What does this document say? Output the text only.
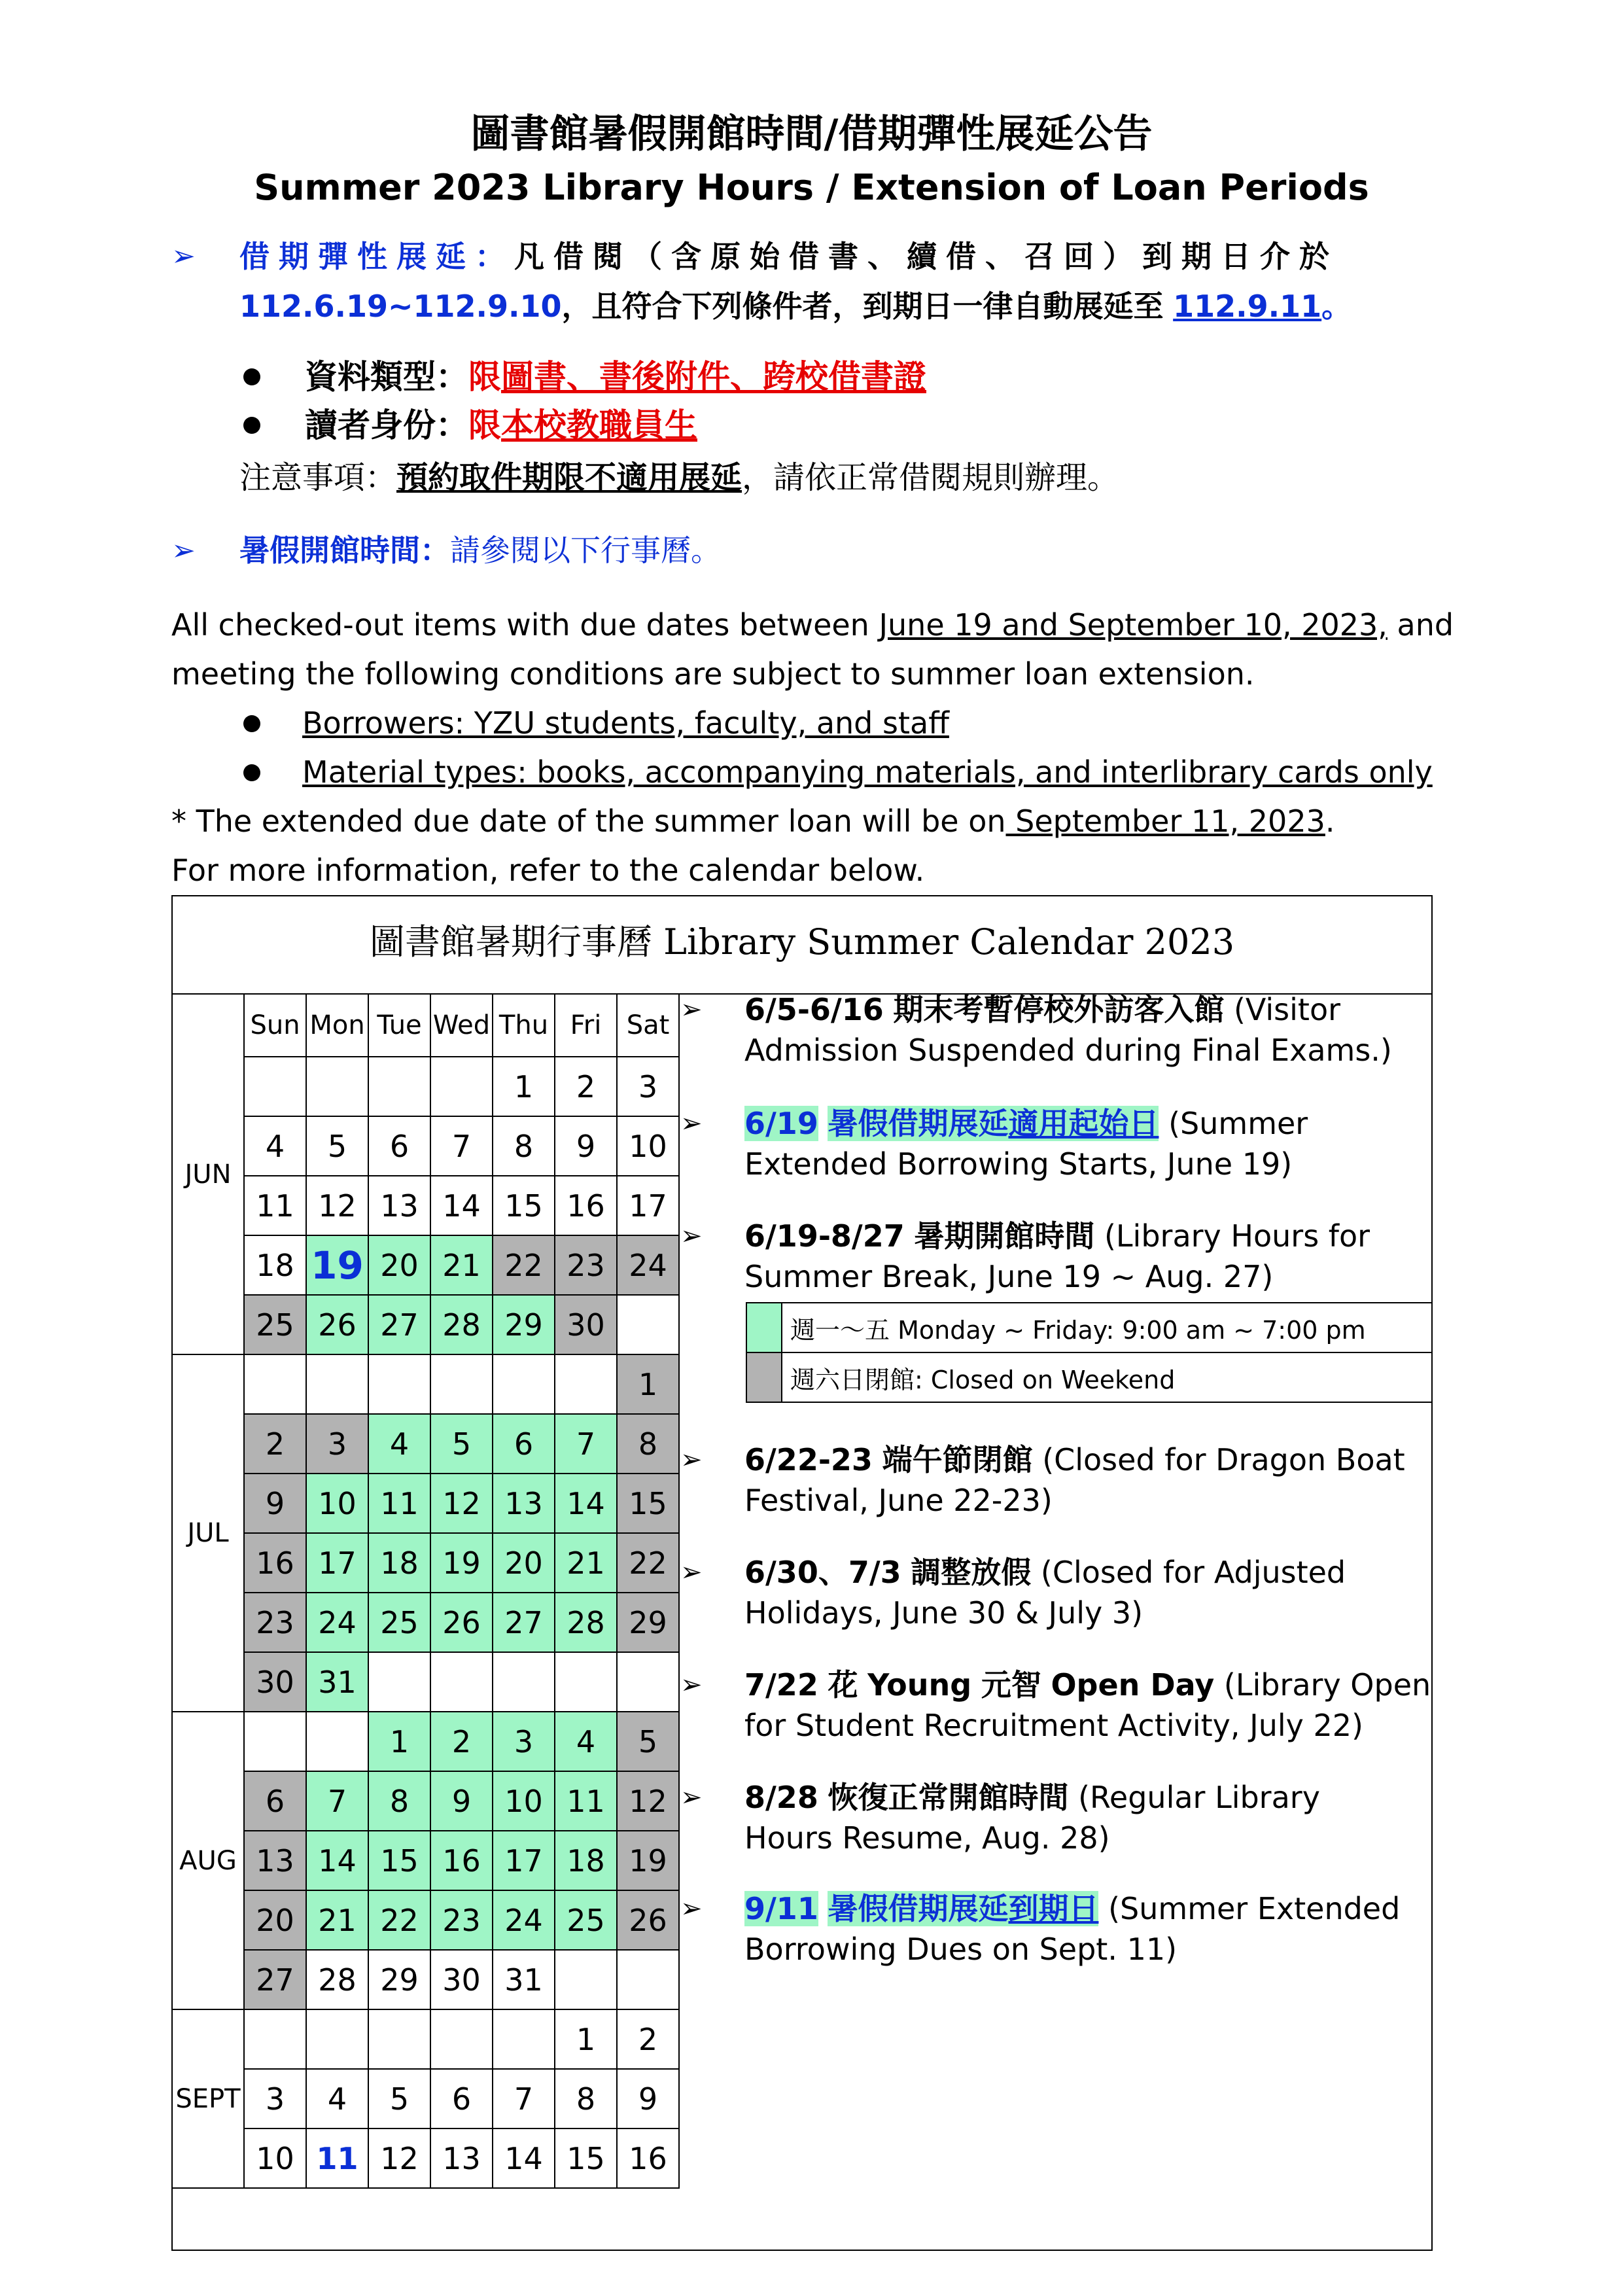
圖書館暑假開館時間/借期彈性展延公告
Summer 2023 Library Hours / Extension of Loan Periods
➢ 借期彈性展延：凡借閱（含原始借書、續借、召回）到期日介於
112.6.19~112.9.10，且符合下列條件者，到期日一律自動展延至 112.9.11。
資料類型：限圖書、書後附件、跨校借書證
讀者身份：限本校教職員生
注意事項：預約取件期限不適用展延，請依正常借閱規則辦理。
➢ 暑假開館時間：請參閱以下行事曆。
All checked-out items with due dates between June 19 and September 10, 2023, and
meeting the following conditions are subject to summer loan extension.
Borrowers: YZU students, faculty, and staff
Material types: books, accompanying materials, and interlibrary cards only
* The extended due date of the summer loan will be on September 11, 2023.
For more information, refer to the calendar below.
圖書館暑期行事曆 Library Summer Calendar 2023
JUN	Sun	Mon	Tue	Wed	Thu	Fri	Sat
					1	2	3
	4	5	6	7	8	9	10
	11	12	13	14	15	16	17
	18	19	20	21	22	23	24
	25	26	27	28	29	30	
JUL							1
	2	3	4	5	6	7	8
	9	10	11	12	13	14	15
	16	17	18	19	20	21	22
	23	24	25	26	27	28	29
	30	31					
AUG			1	2	3	4	5
	6	7	8	9	10	11	12
	13	14	15	16	17	18	19
	20	21	22	23	24	25	26
	27	28	29	30	31		
SEPT						1	2
	3	4	5	6	7	8	9
	10	11	12	13	14	15	16
➢ 6/5-6/16 期末考暫停校外訪客入館 (Visitor
Admission Suspended during Final Exams.)
➢ 6/19 暑假借期展延適用起始日 (Summer
Extended Borrowing Starts, June 19)
➢ 6/19-8/27 暑期開館時間 (Library Hours for
Summer Break, June 19 ~ Aug. 27)
➢ 6/22-23 端午節閉館 (Closed for Dragon Boat
Festival, June 22-23)
➢ 6/30、7/3 調整放假 (Closed for Adjusted
Holidays, June 30 & July 3)
➢ 7/22 花 Young 元智 Open Day (Library Open
for Student Recruitment Activity, July 22)
➢ 8/28 恢復正常開館時間 (Regular Library
Hours Resume, Aug. 28)
➢ 9/11 暑假借期展延到期日 (Summer Extended
Borrowing Dues on Sept. 11)
	週一～五 Monday ~ Friday: 9:00 am ~ 7:00 pm
	週六日閉館: Closed on Weekend
